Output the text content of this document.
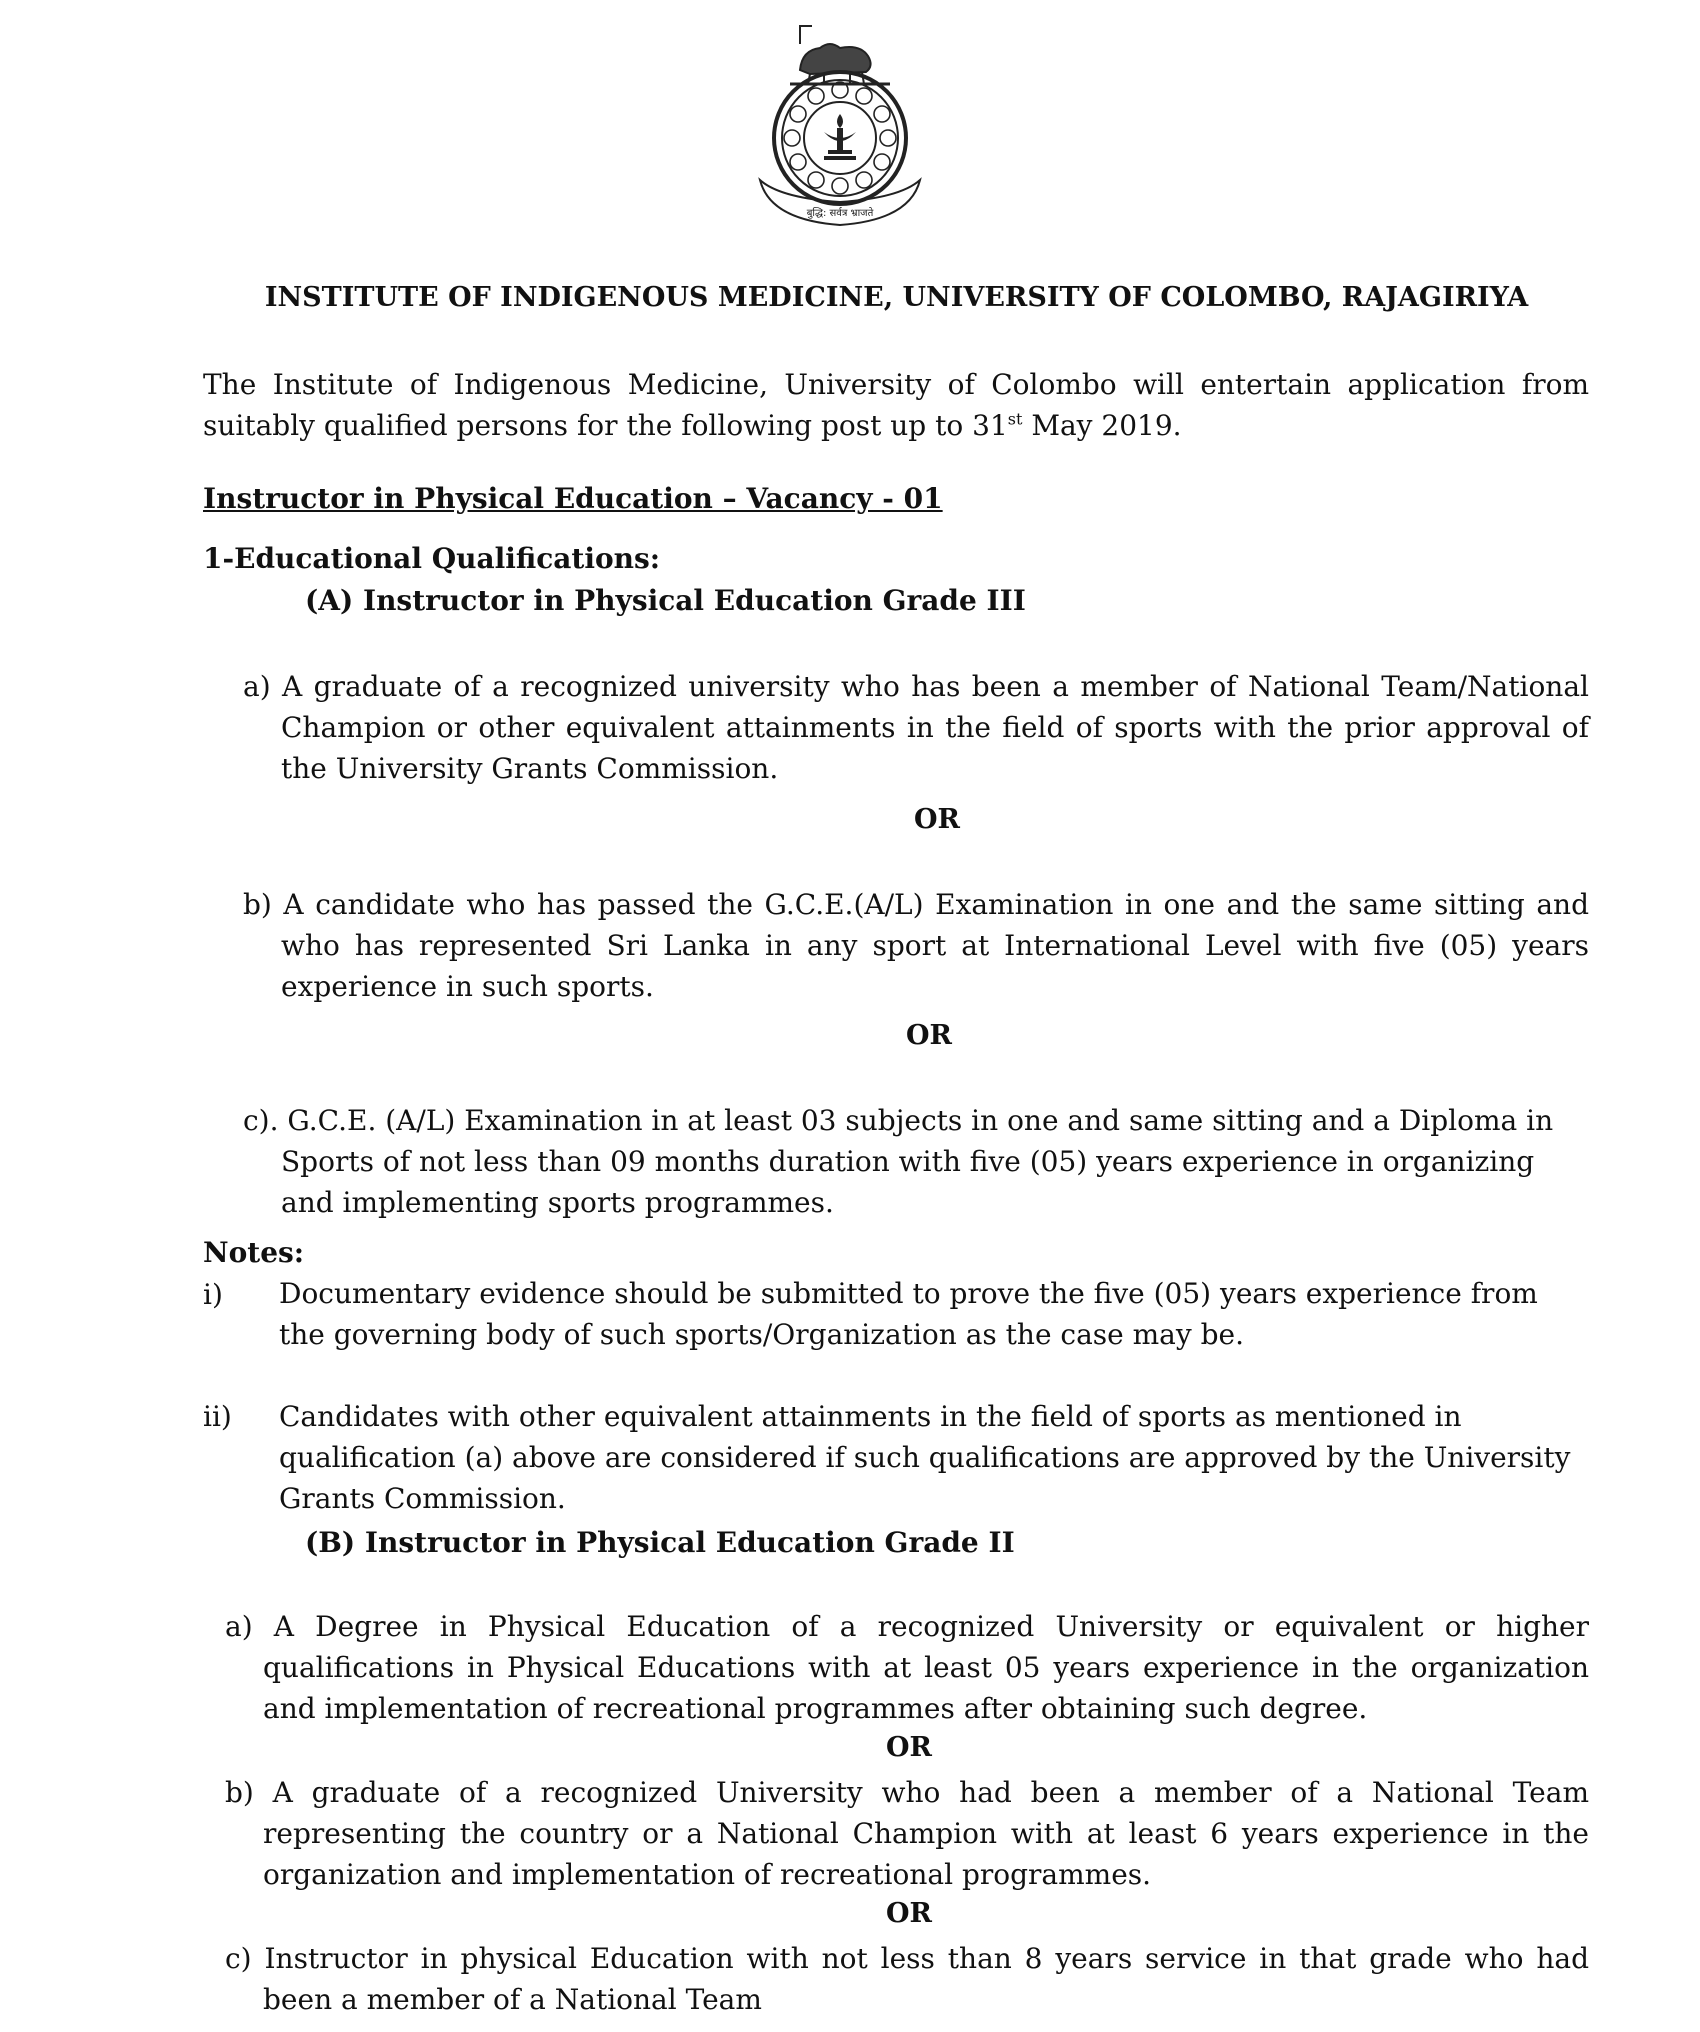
बुद्धि: सर्वत्र भ्राजते
INSTITUTE OF INDIGENOUS MEDICINE, UNIVERSITY OF COLOMBO, RAJAGIRIYA
The Institute of Indigenous Medicine, University of Colombo will entertain application from suitably qualified persons for the following post up to 31st May 2019.
Instructor in Physical Education – Vacancy - 01
1-Educational Qualifications:
(A) Instructor in Physical Education Grade III
a) A graduate of a recognized university who has been a member of National Team/National Champion or other equivalent attainments in the field of sports with the prior approval of the University Grants Commission.
OR
b) A candidate who has passed the G.C.E.(A/L) Examination in one and the same sitting and who has represented Sri Lanka in any sport at International Level with five (05) years experience in such sports.
OR
c). G.C.E. (A/L) Examination in at least 03 subjects in one and same sitting and a Diploma in Sports of not less than 09 months duration with five (05) years experience in organizing and implementing sports programmes.
Notes:
i) Documentary evidence should be submitted to prove the five (05) years experience from the governing body of such sports/Organization as the case may be.
ii) Candidates with other equivalent attainments in the field of sports as mentioned in qualification (a) above are considered if such qualifications are approved by the University Grants Commission.
(B) Instructor in Physical Education Grade II
a) A Degree in Physical Education of a recognized University or equivalent or higher qualifications in Physical Educations with at least 05 years experience in the organization and implementation of recreational programmes after obtaining such degree.
OR
b) A graduate of a recognized University who had been a member of a National Team representing the country or a National Champion with at least 6 years experience in the organization and implementation of recreational programmes.
OR
c) Instructor in physical Education with not less than 8 years service in that grade who had been a member of a National Team
